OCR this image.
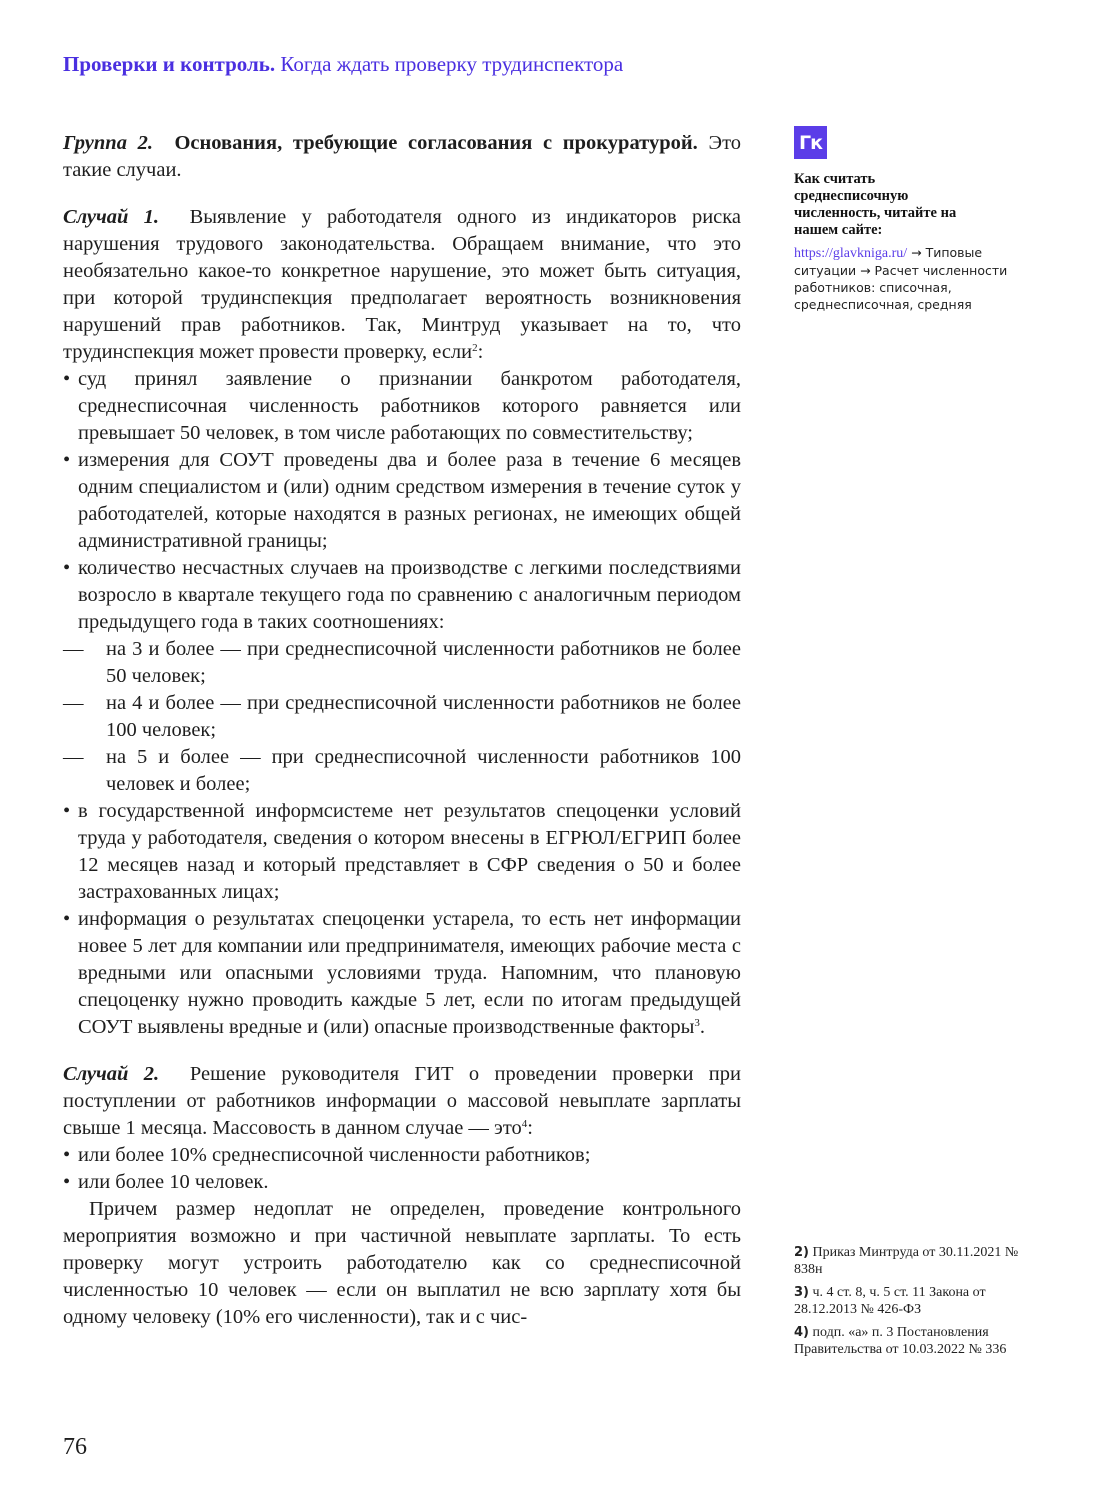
Проверки и контроль. Когда ждать проверку трудинспектора

Группа 2. Основания, требующие согласования с прокуратурой. Это такие случаи.

Случай 1. Выявление у работодателя одного из индикаторов риска нарушения трудового законодательства. Обращаем внимание, что это необязательно какое-то конкретное нарушение, это может быть ситуация, при которой трудинспекция предполагает вероятность возникновения нарушений прав работников. Так, Минтруд указывает на то, что трудинспекция может провести проверку, если$^2$:

• суд принял заявление о признании банкротом работодателя, среднесписочная численность работников которого равняется или превышает 50 человек, в том числе работающих по совместительству;
• измерения для СОУТ проведены два и более раза в течение 6 месяцев одним специалистом и (или) одним средством измерения в течение суток у работодателей, которые находятся в разных регионах, не имеющих общей административной границы;
• количество несчастных случаев на производстве с легкими последствиями возросло в квартале текущего года по сравнению с аналогичным периодом предыдущего года в таких соотношениях:
— на 3 и более — при среднесписочной численности работников не более 50 человек;
— на 4 и более — при среднесписочной численности работников не более 100 человек;
— на 5 и более — при среднесписочной численности работников 100 человек и более;
• в государственной информсистеме нет результатов спецоценки условий труда у работодателя, сведения о котором внесены в ЕГРЮЛ/ЕГРИП более 12 месяцев назад и который представляет в СФР сведения о 50 и более застрахованных лицах;
• информация о результатах спецоценки устарела, то есть нет информации новее 5 лет для компании или предпринимателя, имеющих рабочие места с вредными или опасными условиями труда. Напомним, что плановую спецоценку нужно проводить каждые 5 лет, если по итогам предыдущей СОУТ выявлены вредные и (или) опасные производственные факторы$^3$.

Случай 2. Решение руководителя ГИТ о проведении проверки при поступлении от работников информации о массовой невыплате зарплаты свыше 1 месяца. Массовость в данном случае — это$^4$:

• или более 10% среднесписочной численности работников;
• или более 10 человек.

Причем размер недоплат не определен, проведение контрольного мероприятия возможно и при частичной невыплате зарплаты. То есть проверку могут устроить работодателю как со среднесписочной численностью 10 человек — если он выплатил не всю зарплату хотя бы одному человеку (10% его численности), так и с чис-

Гк
Как считать среднесписочную численность, читайте на нашем сайте:
https://glavkniga.ru/ → Типовые ситуации → Расчет численности работников: списочная, среднесписочная, средняя
2) Приказ Минтруда от 30.11.2021 № 838н
3) ч. 4 ст. 8, ч. 5 ст. 11 Закона от 28.12.2013 № 426-ФЗ
4) подп. «а» п. 3 Постановления Правительства от 10.03.2022 № 336
76
